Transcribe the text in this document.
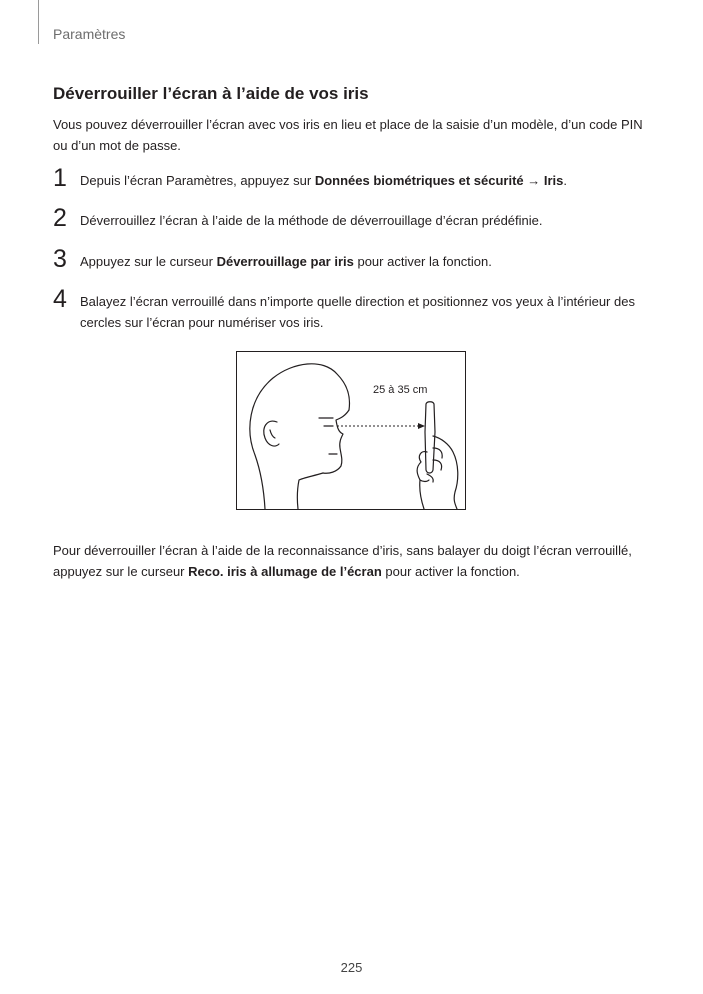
Paramètres
Déverrouiller l’écran à l’aide de vos iris

Vous pouvez déverrouiller l’écran avec vos iris en lieu et place de la saisie d’un modèle, d’un code PIN ou d’un mot de passe.

1 Depuis l’écran Paramètres, appuyez sur Données biométriques et sécurité → Iris.
2 Déverrouillez l’écran à l’aide de la méthode de déverrouillage d’écran prédéfinie.
3 Appuyez sur le curseur Déverrouillage par iris pour activer la fonction.
4 Balayez l’écran verrouillé dans n’importe quelle direction et positionnez vos yeux à l’intérieur des cercles sur l’écran pour numériser vos iris.
25 à 35 cm

Pour déverrouiller l’écran à l’aide de la reconnaissance d’iris, sans balayer du doigt l’écran verrouillé, appuyez sur le curseur Reco. iris à allumage de l’écran pour activer la fonction.

225
